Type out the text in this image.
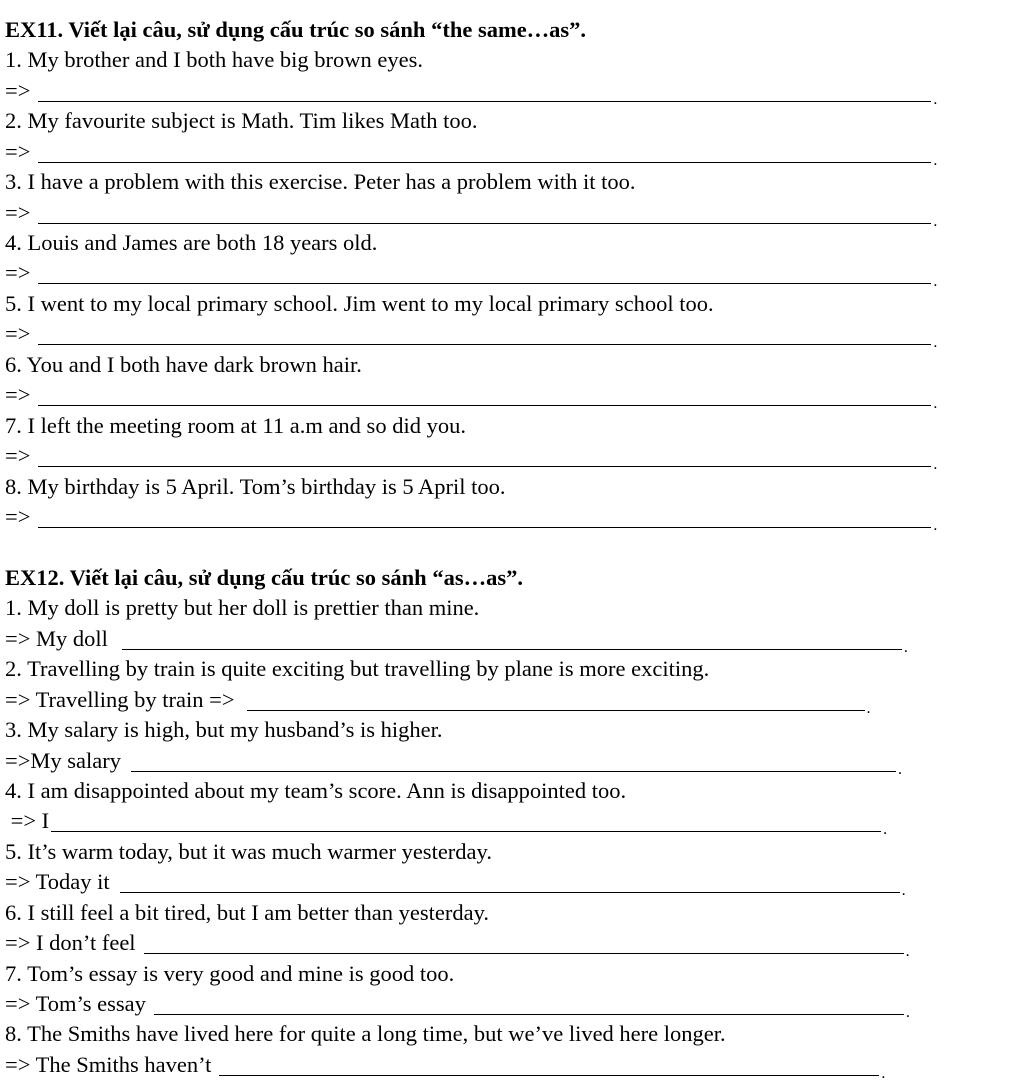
EX11. Viết lại câu, sử dụng cấu trúc so sánh “the same…as”.
1. My brother and I both have big brown eyes.
=>	.
2. My favourite subject is Math. Tim likes Math too.
=>	.
3. I have a problem with this exercise. Peter has a problem with it too.
=>	.
4. Louis and James are both 18 years old.
=>	.
5. I went to my local primary school. Jim went to my local primary school too.
=>	.
6. You and I both have dark brown hair.
=>	.
7. I left the meeting room at 11 a.m and so did you.
=>	.
8. My birthday is 5 April. Tom’s birthday is 5 April too.
=>	.
EX12. Viết lại câu, sử dụng cấu trúc so sánh “as…as”.
1. My doll is pretty but her doll is prettier than mine.
=> My doll	.
2. Travelling by train is quite exciting but travelling by plane is more exciting.
=> Travelling by train =>	.
3. My salary is high, but my husband’s is higher.
=>My salary	.
4. I am disappointed about my team’s score. Ann is disappointed too.
=> I	.
5. It’s warm today, but it was much warmer yesterday.
=> Today it	.
6. I still feel a bit tired, but I am better than yesterday.
=> I don’t feel	.
7. Tom’s essay is very good and mine is good too.
=> Tom’s essay	.
8. The Smiths have lived here for quite a long time, but we’ve lived here longer.
=> The Smiths haven’t	.
